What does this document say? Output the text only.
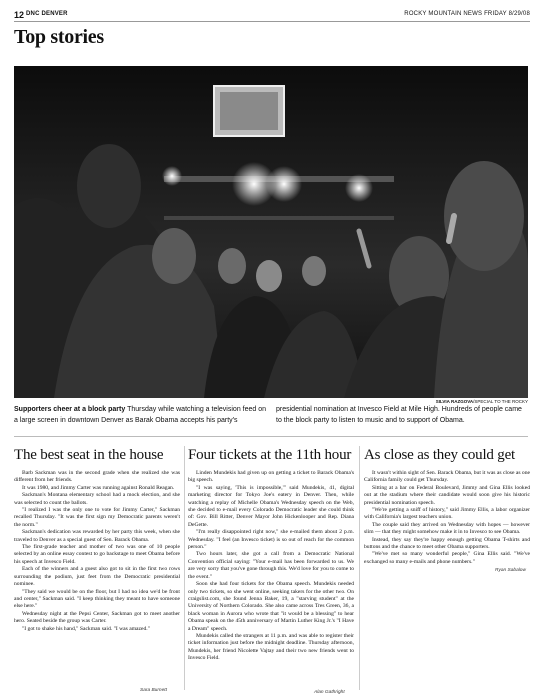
12 DNC DENVER	ROCKY MOUNTAIN NEWS FRIDAY 8/29/08
Top stories
SILVIA RAZGOVA/SPECIAL TO THE ROCKY
Supporters cheer at a block party Thursday while watching a television feed on a large screen in downtown Denver as Barak Obama accepts his party's
presidential nomination at Invesco Field at Mile High. Hundreds of people came to the block party to listen to music and to support of Obama.
The best seat in the house

Barb Sackman was in the second grade when she realized she was different from her friends.

It was 1980, and Jimmy Carter was running against Ronald Reagan.

Sackman's Montana elementary school had a mock election, and she was selected to count the ballots.

"I realized I was the only one to vote for Jimmy Carter," Sackman recalled Thursday. "It was the first sign my Democratic parents weren't the norm."

Sackman's dedication was rewarded by her party this week, when she traveled to Denver as a special guest of Sen. Barack Obama.

The first-grade teacher and mother of two was one of 10 people selected by an online essay contest to go backstage to meet Obama before his speech at Invesco Field.

Each of the winners and a guest also got to sit in the first two rows surrounding the podium, just feet from the Democratic presidential nominee.

"They said we would be on the floor, but I had no idea we'd be front and center," Sackman said. "I keep thinking they meant to have someone else here."

Wednesday night at the Pepsi Center, Sackman got to meet another hero. Seated beside the group was Carter.

"I got to shake his hand," Sackman said. "I was amazed."

Sara Burnett
Four tickets at the 11th hour

Linden Mundekis had given up on getting a ticket to Barack Obama's big speech.

"I was saying, 'This is impossible,'" said Mundekis, 41, digital marketing director for Tokyo Joe's eatery in Denver. Then, while watching a replay of Michelle Obama's Wednesday speech on the Web, she decided to e-mail every Colorado Democratic leader she could think of: Gov. Bill Ritter, Denver Mayor John Hickenlooper and Rep. Diana DeGette.

"I'm really disappointed right now," she e-mailed them about 2 p.m. Wednesday. "I feel (an Invesco ticket) is so out of reach for the common person."

Two hours later, she got a call from a Democratic National Convention official saying: "Your e-mail has been forwarded to us. We are very sorry that you've gone through this. We'd love for you to come to the event."

Soon she had four tickets for the Obama speech. Mundekis needed only two tickets, so she went online, seeking takers for the other two. On craigslist.com, she found Jenna Baker, 19, a "starving student" at the University of Northern Colorado. She also came across Tres Green, 36, a black woman in Aurora who wrote that "it would be a blessing" to hear Obama speak on the 45th anniversary of Martin Luther King Jr.'s "I Have a Dream" speech.

Mundekis called the strangers at 11 p.m. and was able to register their ticket information just before the midnight deadline. Thursday afternoon, Mundekis, her friend Nicolette Vajtay and their two new friends went to Invesco Field.

Alan Gathright
As close as they could get

It wasn't within sight of Sen. Barack Obama, but it was as close as one California family could get Thursday.

Sitting at a bar on Federal Boulevard, Jimmy and Gina Ellis looked out at the stadium where their candidate would soon give his historic presidential nomination speech.

"We're getting a sniff of history," said Jimmy Ellis, a labor organizer with California's largest teachers union.

The couple said they arrived on Wednesday with hopes — however slim — that they might somehow make it in to Invesco to see Obama.

Instead, they say they're happy enough getting Obama T-shirts and buttons and the chance to meet other Obama supporters.

"We've met so many wonderful people," Gina Ellis said. "We've exchanged so many e-mails and phone numbers."

Ryan Sabalow
